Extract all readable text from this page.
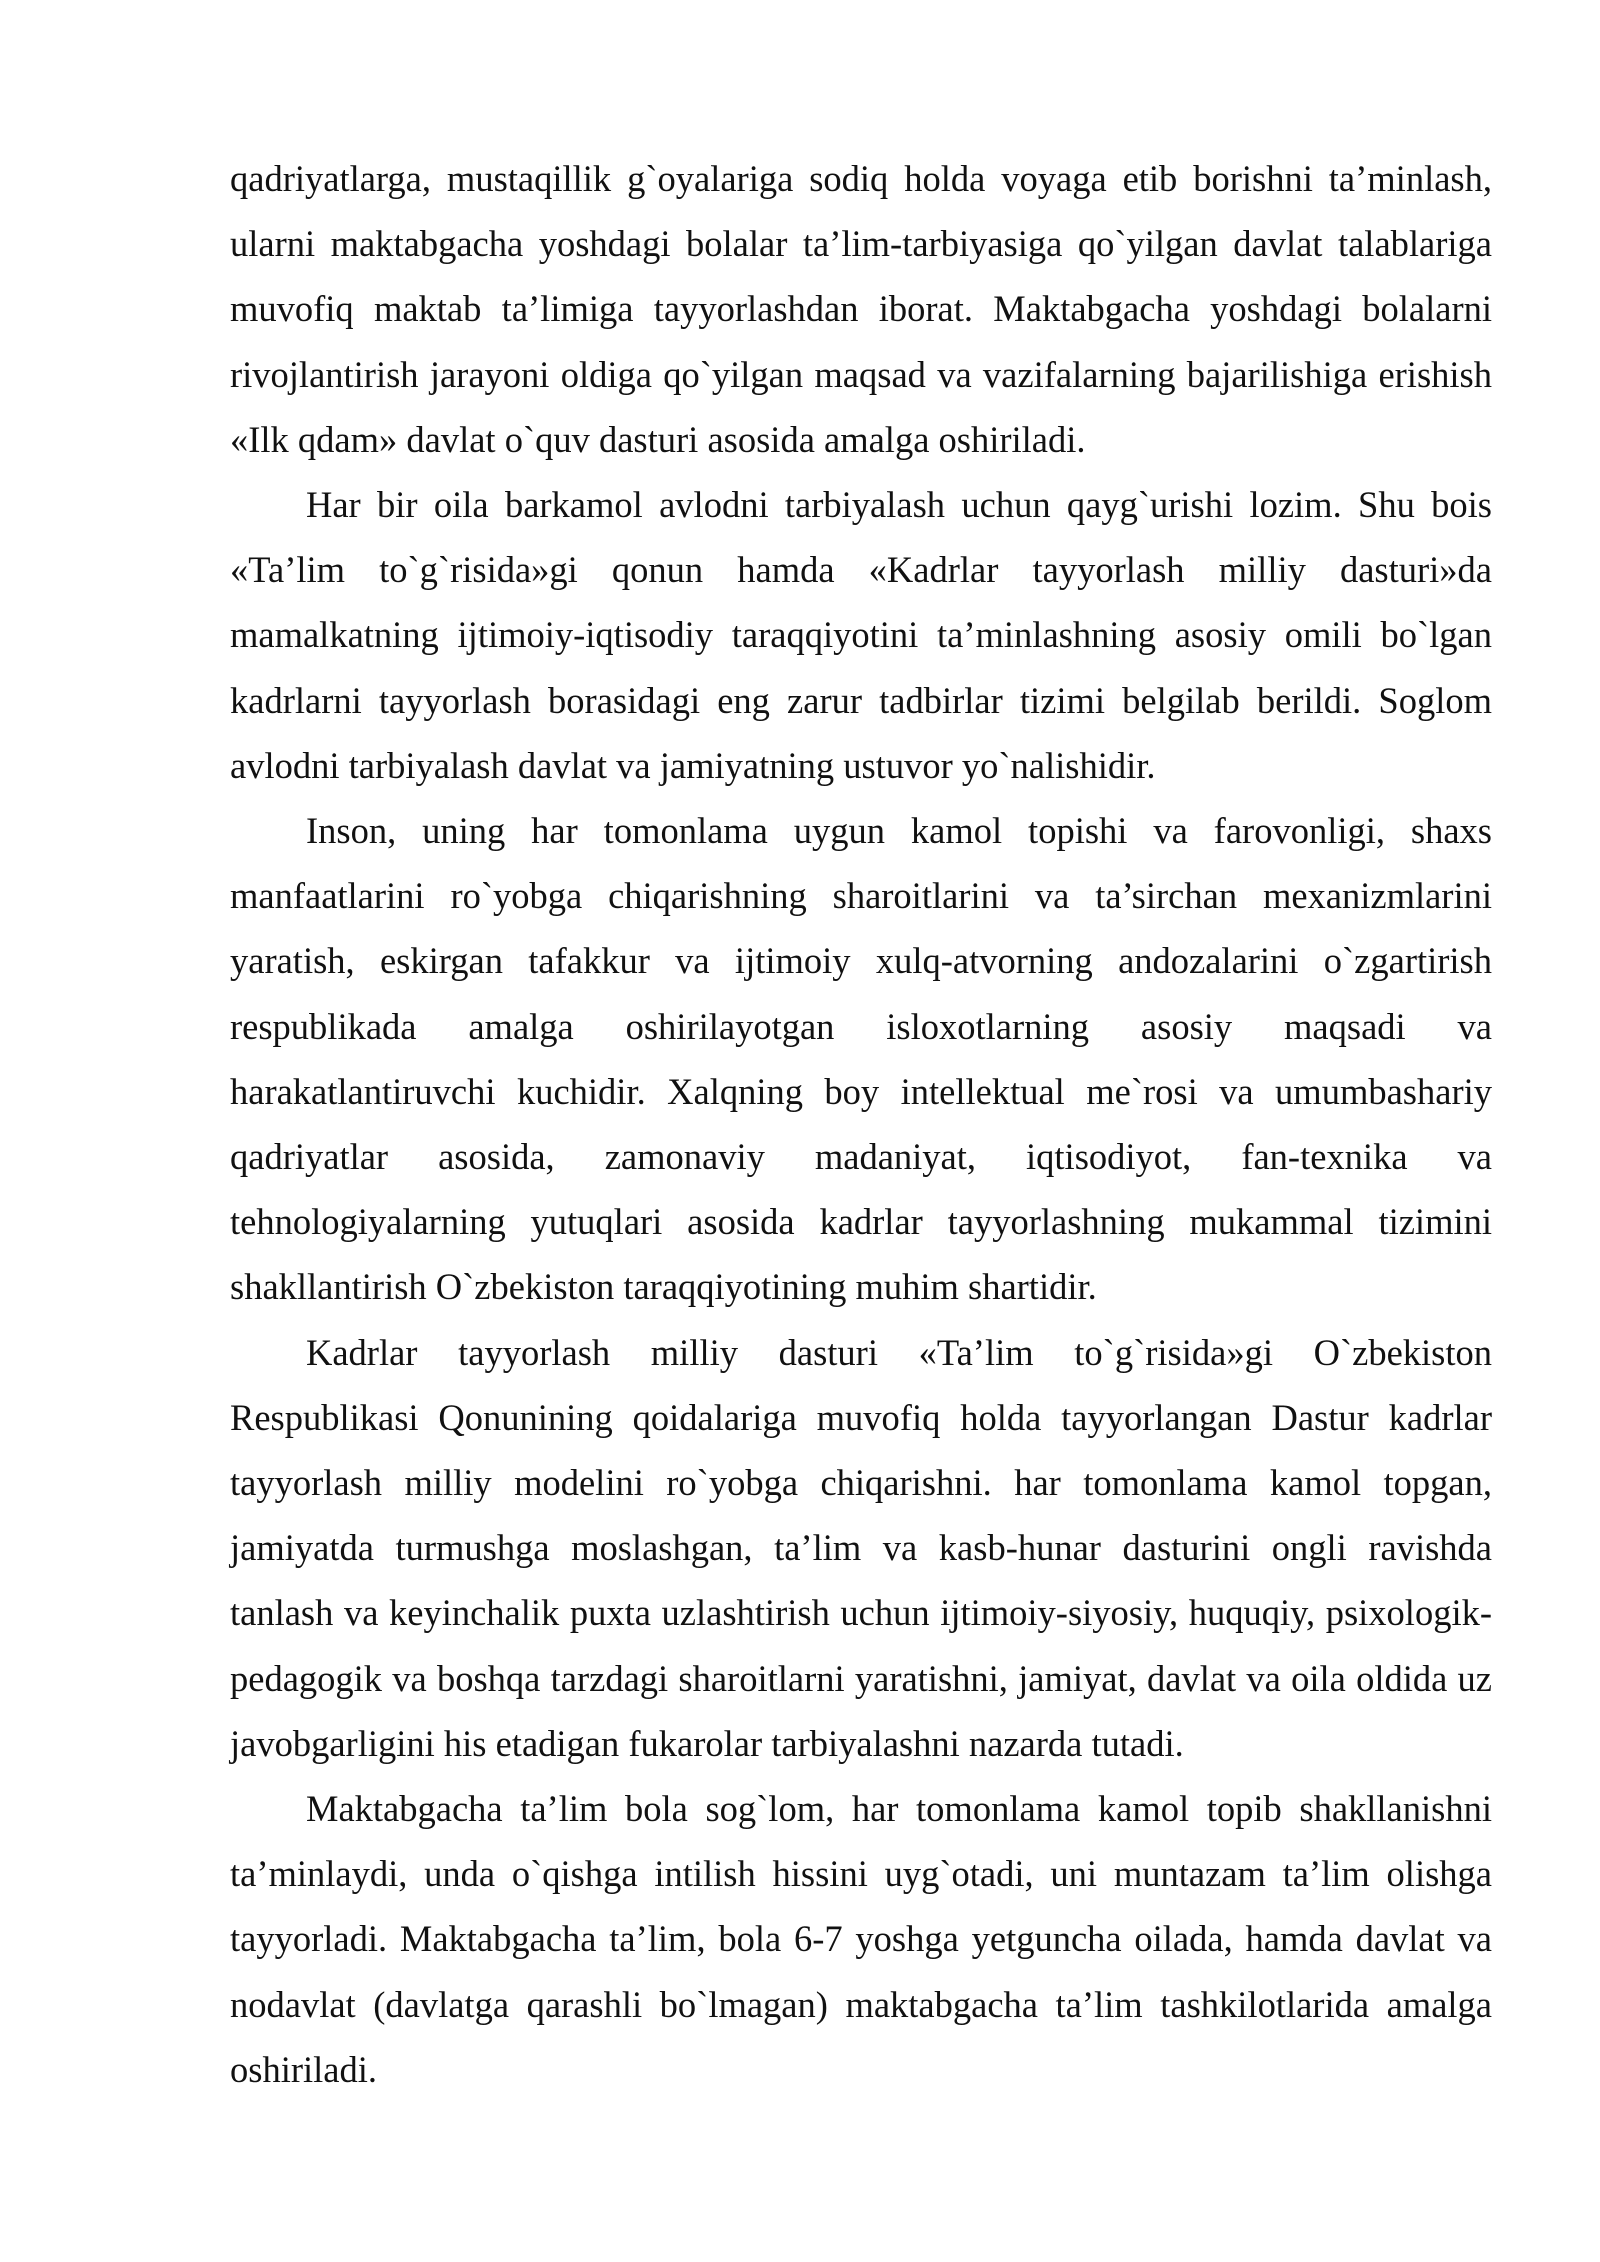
qadriyatlarga, mustaqillik g`oyalariga sodiq holda voyaga etib borishni ta’minlash, ularni maktabgacha yoshdagi bolalar ta’lim-tarbiyasiga qo`yilgan davlat talablariga muvofiq maktab ta’limiga tayyorlashdan iborat. Maktabgacha yoshdagi bolalarni rivojlantirish jarayoni oldiga qo`yilgan maqsad va vazifalarning bajarilishiga erishish «Ilk qdam» davlat o`quv dasturi asosida amalga oshiriladi.

Har bir oila barkamol avlodni tarbiyalash uchun qayg`urishi lozim. Shu bois «Ta’lim to`g`risida»gi qonun hamda «Kadrlar tayyorlash milliy dasturi»da mamalkatning ijtimoiy-iqtisodiy taraqqiyotini ta’minlashning asosiy omili bo`lgan kadrlarni tayyorlash borasidagi eng zarur tadbirlar tizimi belgilab berildi. Soglom avlodni tarbiyalash davlat va jamiyatning ustuvor yo`nalishidir.

Inson, uning har tomonlama uygun kamol topishi va farovonligi, shaxs manfaatlarini ro`yobga chiqarishning sharoitlarini va ta’sirchan mexanizmlarini yaratish, eskirgan tafakkur va ijtimoiy xulq-atvorning andozalarini o`zgartirish respublikada amalga oshirilayotgan isloxotlarning asosiy maqsadi va harakatlantiruvchi kuchidir. Xalqning boy intellektual me`rosi va umumbashariy qadriyatlar asosida, zamonaviy madaniyat, iqtisodiyot, fan-texnika va tehnologiyalarning yutuqlari asosida kadrlar tayyorlashning mukammal tizimini shakllantirish O`zbekiston taraqqiyotining muhim shartidir.

Kadrlar tayyorlash milliy dasturi «Ta’lim to`g`risida»gi O`zbekiston Respublikasi Qonunining qoidalariga muvofiq holda tayyorlangan Dastur kadrlar tayyorlash milliy modelini ro`yobga chiqarishni. har tomonlama kamol topgan, jamiyatda turmushga moslashgan, ta’lim va kasb-hunar dasturini ongli ravishda tanlash va keyinchalik puxta uzlashtirish uchun ijtimoiy-siyosiy, huquqiy, psixologik-pedagogik va boshqa tarzdagi sharoitlarni yaratishni, jamiyat, davlat va oila oldida uz javobgarligini his etadigan fukarolar tarbiyalashni nazarda tutadi.

Maktabgacha ta’lim bola sog`lom, har tomonlama kamol topib shakllanishni ta’minlaydi, unda o`qishga intilish hissini uyg`otadi, uni muntazam ta’lim olishga tayyorladi. Maktabgacha ta’lim, bola 6-7 yoshga yetguncha oilada, hamda davlat va nodavlat (davlatga qarashli bo`lmagan) maktabgacha ta’lim tashkilotlarida amalga oshiriladi.
